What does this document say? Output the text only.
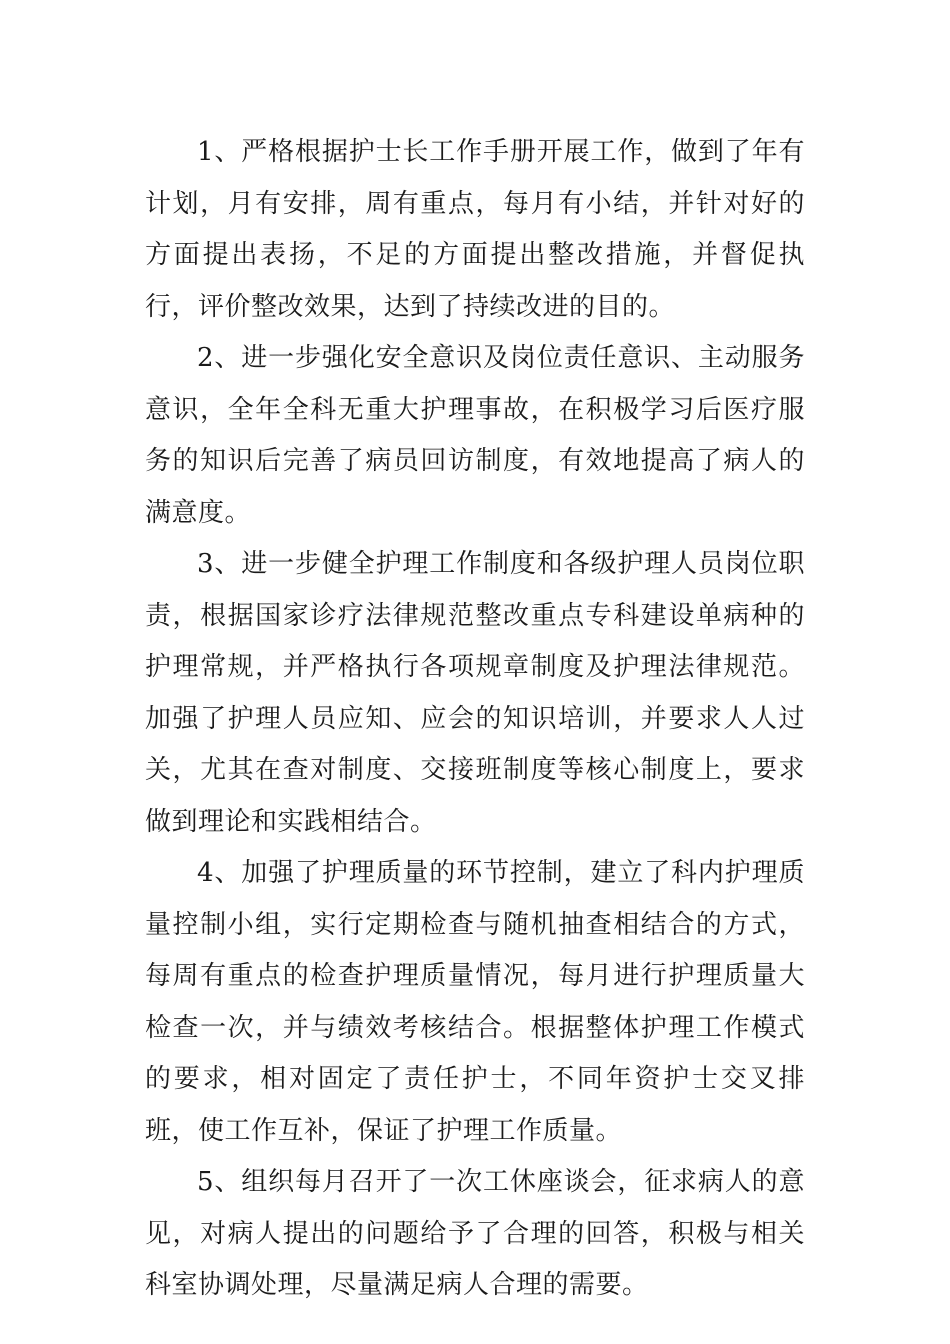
1、严格根据护士长工作手册开展工作，做到了年有计划，月有安排，周有重点，每月有小结，并针对好的方面提出表扬，不足的方面提出整改措施，并督促执行，评价整改效果，达到了持续改进的目的。

2、进一步强化安全意识及岗位责任意识、主动服务意识，全年全科无重大护理事故，在积极学习后医疗服务的知识后完善了病员回访制度，有效地提高了病人的满意度。

3、进一步健全护理工作制度和各级护理人员岗位职责，根据国家诊疗法律规范整改重点专科建设单病种的护理常规，并严格执行各项规章制度及护理法律规范。加强了护理人员应知、应会的知识培训，并要求人人过关，尤其在查对制度、交接班制度等核心制度上，要求做到理论和实践相结合。

4、加强了护理质量的环节控制，建立了科内护理质量控制小组，实行定期检查与随机抽查相结合的方式，每周有重点的检查护理质量情况，每月进行护理质量大检查一次，并与绩效考核结合。根据整体护理工作模式的要求，相对固定了责任护士，不同年资护士交叉排班，使工作互补，保证了护理工作质量。

5、组织每月召开了一次工休座谈会，征求病人的意见，对病人提出的问题给予了合理的回答，积极与相关科室协调处理，尽量满足病人合理的需要。
